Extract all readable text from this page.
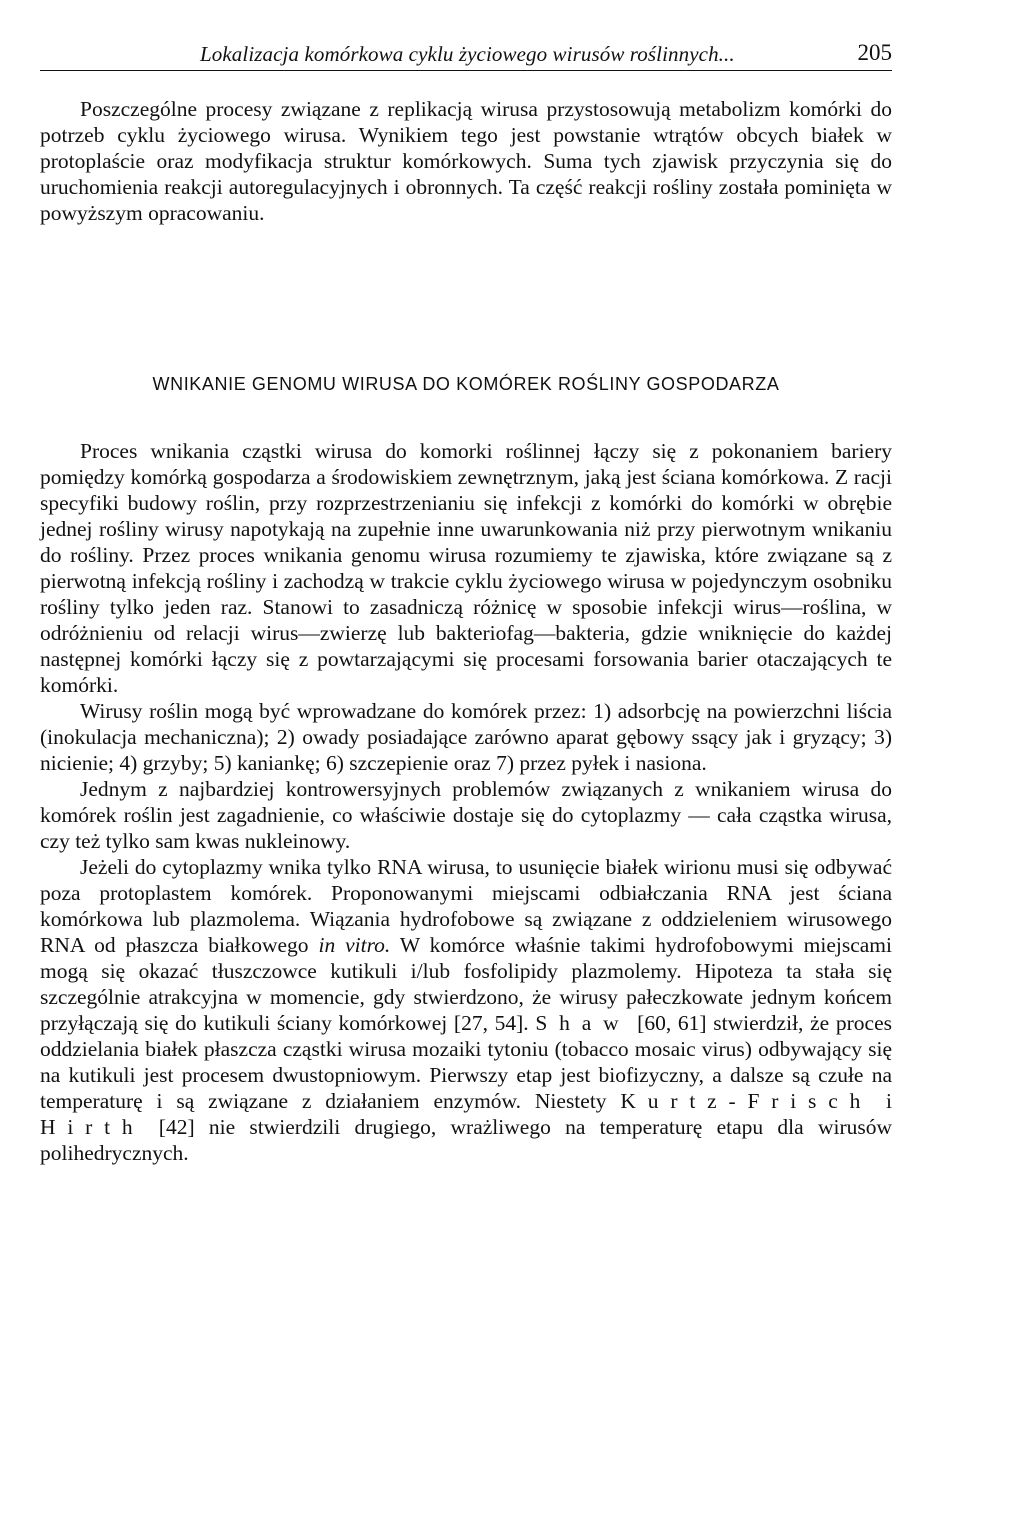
Lokalizacja komórkowa cyklu życiowego wirusów roślinnych...	205

Poszczególne procesy związane z replikacją wirusa przystosowują metabolizm komórki do potrzeb cyklu życiowego wirusa. Wynikiem tego jest powstanie wtrątów obcych białek w protoplaście oraz modyfikacja struktur komórkowych. Suma tych zjawisk przyczynia się do uruchomienia reakcji autoregulacyjnych i obronnych. Ta część reakcji rośliny została pominięta w powyższym opracowaniu.

WNIKANIE GENOMU WIRUSA DO KOMÓREK ROŚLINY GOSPODARZA

Proces wnikania cząstki wirusa do komorki roślinnej łączy się z pokonaniem bariery pomiędzy komórką gospodarza a środowiskiem zewnętrznym, jaką jest ściana komórkowa. Z racji specyfiki budowy roślin, przy rozprzestrzenianiu się infekcji z komórki do komórki w obrębie jednej rośliny wirusy napotykają na zupełnie inne uwarunkowania niż przy pierwotnym wnikaniu do rośliny. Przez proces wnikania genomu wirusa rozumiemy te zjawiska, które związane są z pierwotną infekcją rośliny i zachodzą w trakcie cyklu życiowego wirusa w pojedynczym osobniku rośliny tylko jeden raz. Stanowi to zasadniczą różnicę w sposobie infekcji wirus—roślina, w odróżnieniu od relacji wirus—zwierzę lub bakteriofag—bakteria, gdzie wniknięcie do każdej następnej komórki łączy się z powtarzającymi się procesami forsowania barier otaczających te komórki.

Wirusy roślin mogą być wprowadzane do komórek przez: 1) adsorbcję na powierzchni liścia (inokulacja mechaniczna); 2) owady posiadające zarówno aparat gębowy ssący jak i gryzący; 3) nicienie; 4) grzyby; 5) kaniankę; 6) szczepienie oraz 7) przez pyłek i nasiona.

Jednym z najbardziej kontrowersyjnych problemów związanych z wnikaniem wirusa do komórek roślin jest zagadnienie, co właściwie dostaje się do cytoplazmy — cała cząstka wirusa, czy też tylko sam kwas nukleinowy.

Jeżeli do cytoplazmy wnika tylko RNA wirusa, to usunięcie białek wirionu musi się odbywać poza protoplastem komórek. Proponowanymi miejscami odbiałczania RNA jest ściana komórkowa lub plazmolema. Wiązania hydrofobowe są związane z oddzieleniem wirusowego RNA od płaszcza białkowego in vitro. W komórce właśnie takimi hydrofobowymi miejscami mogą się okazać tłuszczowce kutikuli i/lub fosfolipidy plazmolemy. Hipoteza ta stała się szczególnie atrakcyjna w momencie, gdy stwierdzono, że wirusy pałeczkowate jednym końcem przyłączają się do kutikuli ściany komórkowej [27, 54]. Shaw [60, 61] stwierdził, że proces oddzielania białek płaszcza cząstki wirusa mozaiki tytoniu (tobacco mosaic virus) odbywający się na kutikuli jest procesem dwustopniowym. Pierwszy etap jest biofizyczny, a dalsze są czułe na temperaturę i są związane z działaniem enzymów. Niestety Kurtz-Frisch i Hirth [42] nie stwierdzili drugiego, wrażliwego na temperaturę etapu dla wirusów polihedrycznych.
